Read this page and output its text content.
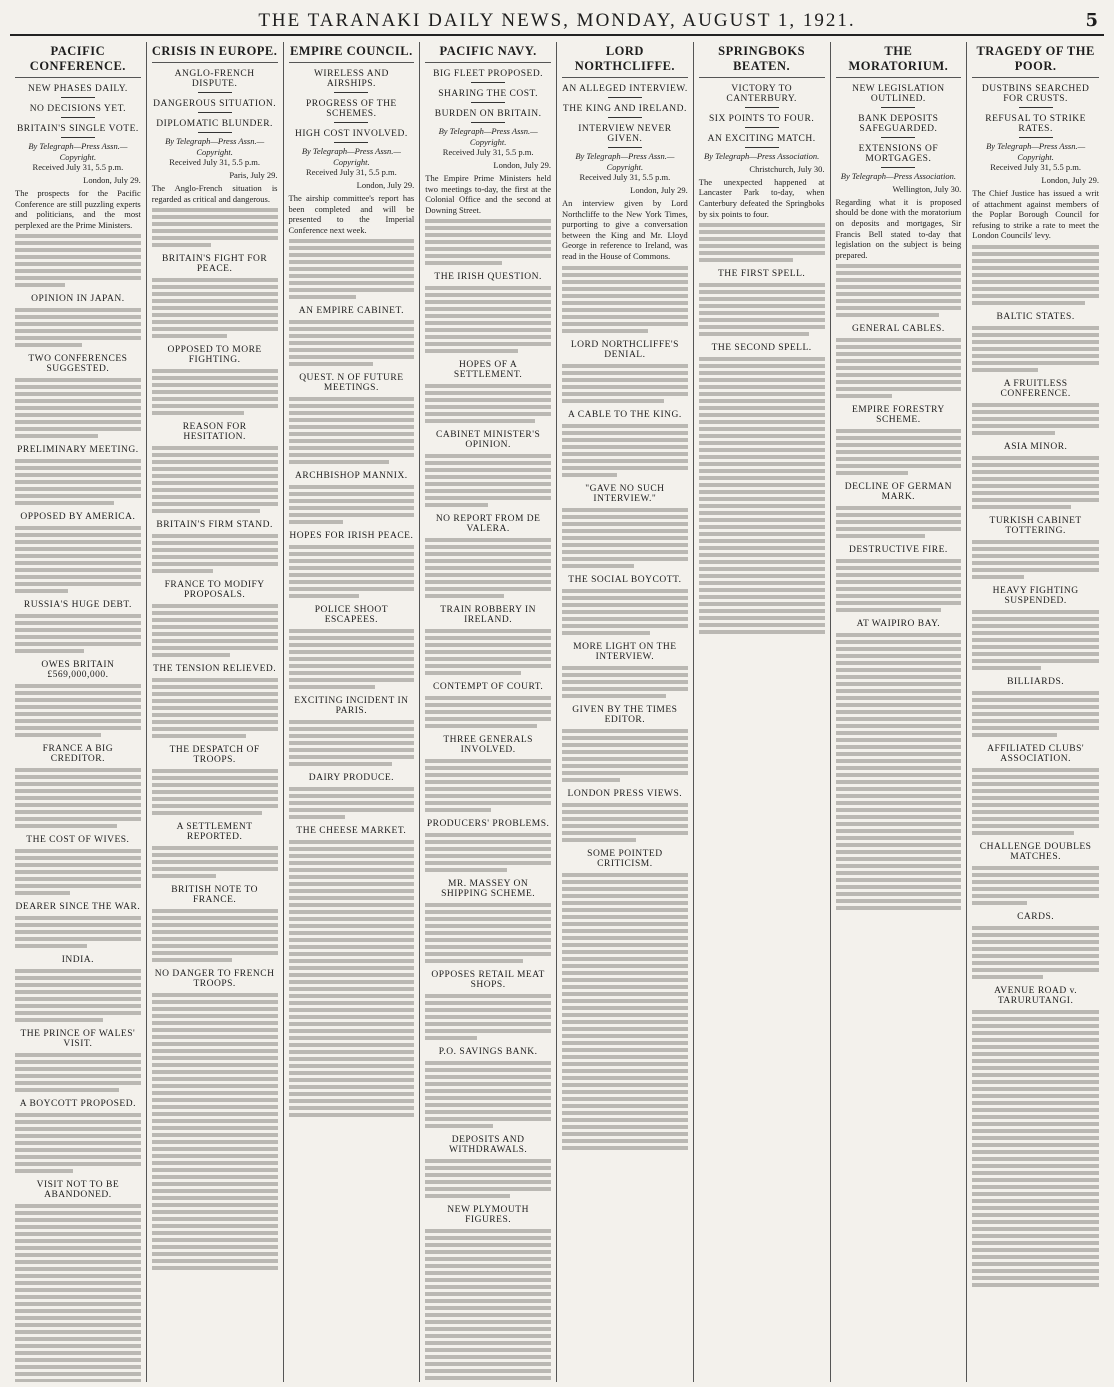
THE TARANAKI DAILY NEWS, MONDAY, AUGUST 1, 1921.	5
PACIFIC CONFERENCE.
NEW PHASES DAILY.
NO DECISIONS YET.
BRITAIN'S SINGLE VOTE.
By Telegraph—Press Assn.—Copyright.
Received July 31, 5.5 p.m.
London, July 29.
The prospects for the Pacific Conference are still puzzling experts and politicians, and the most perplexed are the Prime Ministers.
OPINION IN JAPAN.
TWO CONFERENCES SUGGESTED.
PRELIMINARY MEETING.
OPPOSED BY AMERICA.
RUSSIA'S HUGE DEBT.
OWES BRITAIN £569,000,000.
FRANCE A BIG CREDITOR.
THE COST OF WIVES.
DEARER SINCE THE WAR.
INDIA.
THE PRINCE OF WALES' VISIT.
A BOYCOTT PROPOSED.
VISIT NOT TO BE ABANDONED.
CRISIS IN EUROPE.
ANGLO-FRENCH DISPUTE.
DANGEROUS SITUATION.
DIPLOMATIC BLUNDER.
By Telegraph—Press Assn.—Copyright.
Received July 31, 5.5 p.m.
Paris, July 29.
The Anglo-French situation is regarded as critical and dangerous.
BRITAIN'S FIGHT FOR PEACE.
OPPOSED TO MORE FIGHTING.
REASON FOR HESITATION.
BRITAIN'S FIRM STAND.
FRANCE TO MODIFY PROPOSALS.
THE TENSION RELIEVED.
THE DESPATCH OF TROOPS.
A SETTLEMENT REPORTED.
BRITISH NOTE TO FRANCE.
NO DANGER TO FRENCH TROOPS.
EMPIRE COUNCIL.
WIRELESS AND AIRSHIPS.
PROGRESS OF THE SCHEMES.
HIGH COST INVOLVED.
By Telegraph—Press Assn.—Copyright.
Received July 31, 5.5 p.m.
London, July 29.
The airship committee's report has been completed and will be presented to the Imperial Conference next week.
AN EMPIRE CABINET.
QUEST. N OF FUTURE MEETINGS.
ARCHBISHOP MANNIX.
HOPES FOR IRISH PEACE.
POLICE SHOOT ESCAPEES.
EXCITING INCIDENT IN PARIS.
DAIRY PRODUCE.
THE CHEESE MARKET.
PACIFIC NAVY.
BIG FLEET PROPOSED.
SHARING THE COST.
BURDEN ON BRITAIN.
By Telegraph—Press Assn.—Copyright.
Received July 31, 5.5 p.m.
London, July 29.
The Empire Prime Ministers held two meetings to-day, the first at the Colonial Office and the second at Downing Street.
THE IRISH QUESTION.
HOPES OF A SETTLEMENT.
CABINET MINISTER'S OPINION.
NO REPORT FROM DE VALERA.
TRAIN ROBBERY IN IRELAND.
CONTEMPT OF COURT.
THREE GENERALS INVOLVED.
PRODUCERS' PROBLEMS.
MR. MASSEY ON SHIPPING SCHEME.
OPPOSES RETAIL MEAT SHOPS.
P.O. SAVINGS BANK.
DEPOSITS AND WITHDRAWALS.
NEW PLYMOUTH FIGURES.
LORD NORTHCLIFFE.
AN ALLEGED INTERVIEW.
THE KING AND IRELAND.
INTERVIEW NEVER GIVEN.
By Telegraph—Press Assn.—Copyright.
Received July 31, 5.5 p.m.
London, July 29.
An interview given by Lord Northcliffe to the New York Times, purporting to give a conversation between the King and Mr. Lloyd George in reference to Ireland, was read in the House of Commons.
LORD NORTHCLIFFE'S DENIAL.
A CABLE TO THE KING.
"GAVE NO SUCH INTERVIEW."
THE SOCIAL BOYCOTT.
MORE LIGHT ON THE INTERVIEW.
GIVEN BY THE TIMES EDITOR.
LONDON PRESS VIEWS.
SOME POINTED CRITICISM.
SPRINGBOKS BEATEN.
VICTORY TO CANTERBURY.
SIX POINTS TO FOUR.
AN EXCITING MATCH.
By Telegraph—Press Association.
Christchurch, July 30.
The unexpected happened at Lancaster Park to-day, when Canterbury defeated the Springboks by six points to four.
THE FIRST SPELL.
THE SECOND SPELL.
THE MORATORIUM.
NEW LEGISLATION OUTLINED.
BANK DEPOSITS SAFEGUARDED.
EXTENSIONS OF MORTGAGES.
By Telegraph—Press Association.
Wellington, July 30.
Regarding what it is proposed should be done with the moratorium on deposits and mortgages, Sir Francis Bell stated to-day that legislation on the subject is being prepared.
GENERAL CABLES.
EMPIRE FORESTRY SCHEME.
DECLINE OF GERMAN MARK.
DESTRUCTIVE FIRE.
AT WAIPIRO BAY.
TRAGEDY OF THE POOR.
DUSTBINS SEARCHED FOR CRUSTS.
REFUSAL TO STRIKE RATES.
By Telegraph—Press Assn.—Copyright.
Received July 31, 5.5 p.m.
London, July 29.
The Chief Justice has issued a writ of attachment against members of the Poplar Borough Council for refusing to strike a rate to meet the London Councils' levy.
BALTIC STATES.
A FRUITLESS CONFERENCE.
ASIA MINOR.
TURKISH CABINET TOTTERING.
HEAVY FIGHTING SUSPENDED.
BILLIARDS.
AFFILIATED CLUBS' ASSOCIATION.
CHALLENGE DOUBLES MATCHES.
CARDS.
AVENUE ROAD v. TARURUTANGI.
